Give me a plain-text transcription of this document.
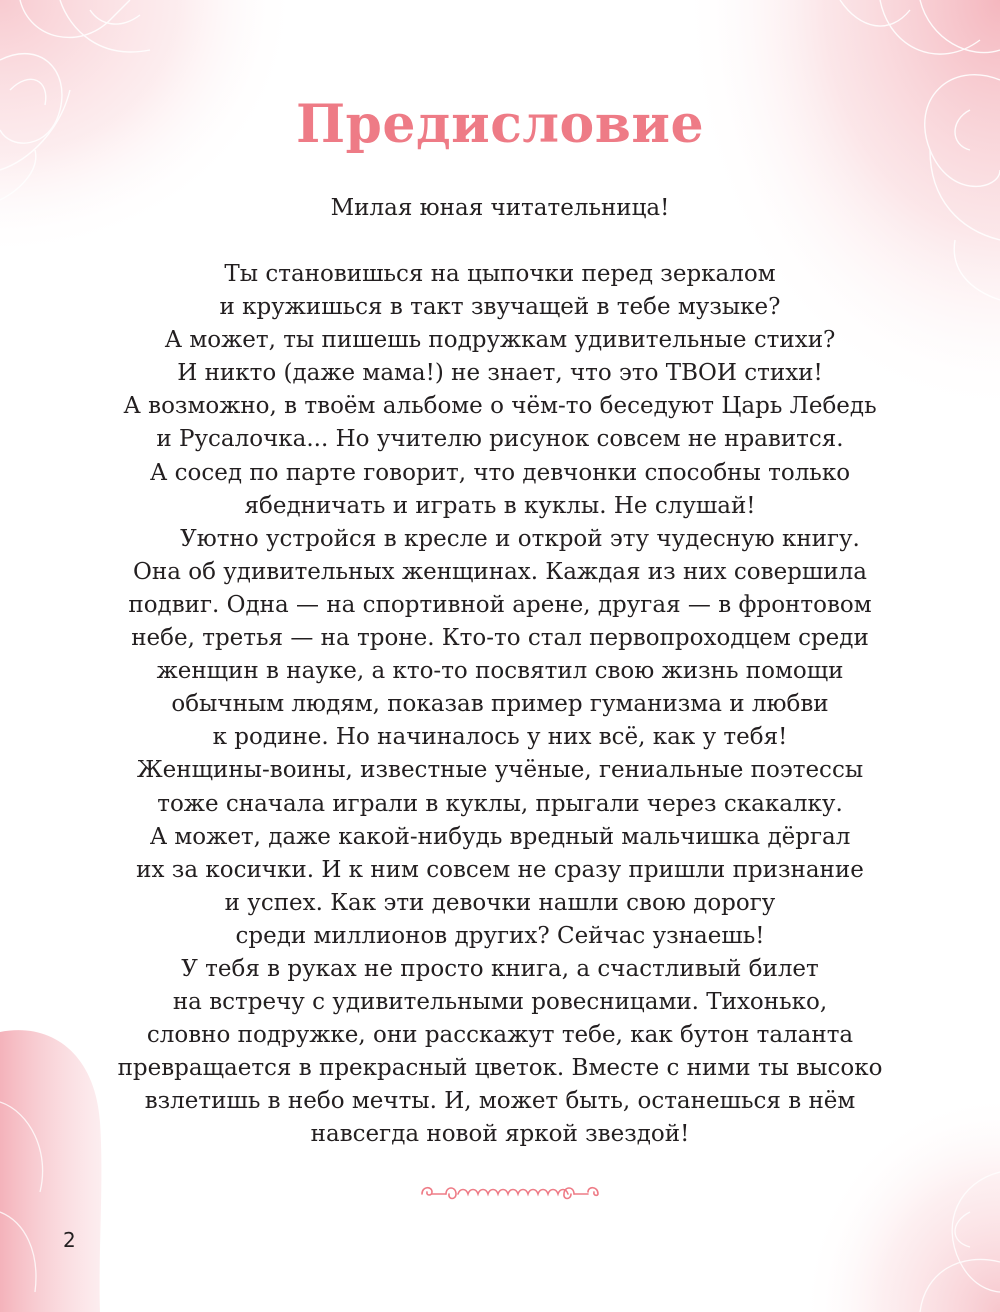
Предисловие
Милая юная читательница!
Ты становишься на цыпочки перед зеркалом
и кружишься в такт звучащей в тебе музыке?
А может, ты пишешь подружкам удивительные стихи?
И никто (даже мама!) не знает, что это ТВОИ стихи!
А возможно, в твоём альбоме о чём-то беседуют Царь Лебедь
и Русалочка... Но учителю рисунок совсем не нравится.
А сосед по парте говорит, что девчонки способны только
ябедничать и играть в куклы. Не слушай!
Уютно устройся в кресле и открой эту чудесную книгу.
Она об удивительных женщинах. Каждая из них совершила
подвиг. Одна — на спортивной арене, другая — в фронтовом
небе, третья — на троне. Кто-то стал первопроходцем среди
женщин в науке, а кто-то посвятил свою жизнь помощи
обычным людям, показав пример гуманизма и любви
к родине. Но начиналось у них всё, как у тебя!
Женщины-воины, известные учёные, гениальные поэтессы
тоже сначала играли в куклы, прыгали через скакалку.
А может, даже какой-нибудь вредный мальчишка дёргал
их за косички. И к ним совсем не сразу пришли признание
и успех. Как эти девочки нашли свою дорогу
среди миллионов других? Сейчас узнаешь!
У тебя в руках не просто книга, а счастливый билет
на встречу с удивительными ровесницами. Тихонько,
словно подружке, они расскажут тебе, как бутон таланта
превращается в прекрасный цветок. Вместе с ними ты высоко
взлетишь в небо мечты. И, может быть, останешься в нём
навсегда новой яркой звездой!
2
